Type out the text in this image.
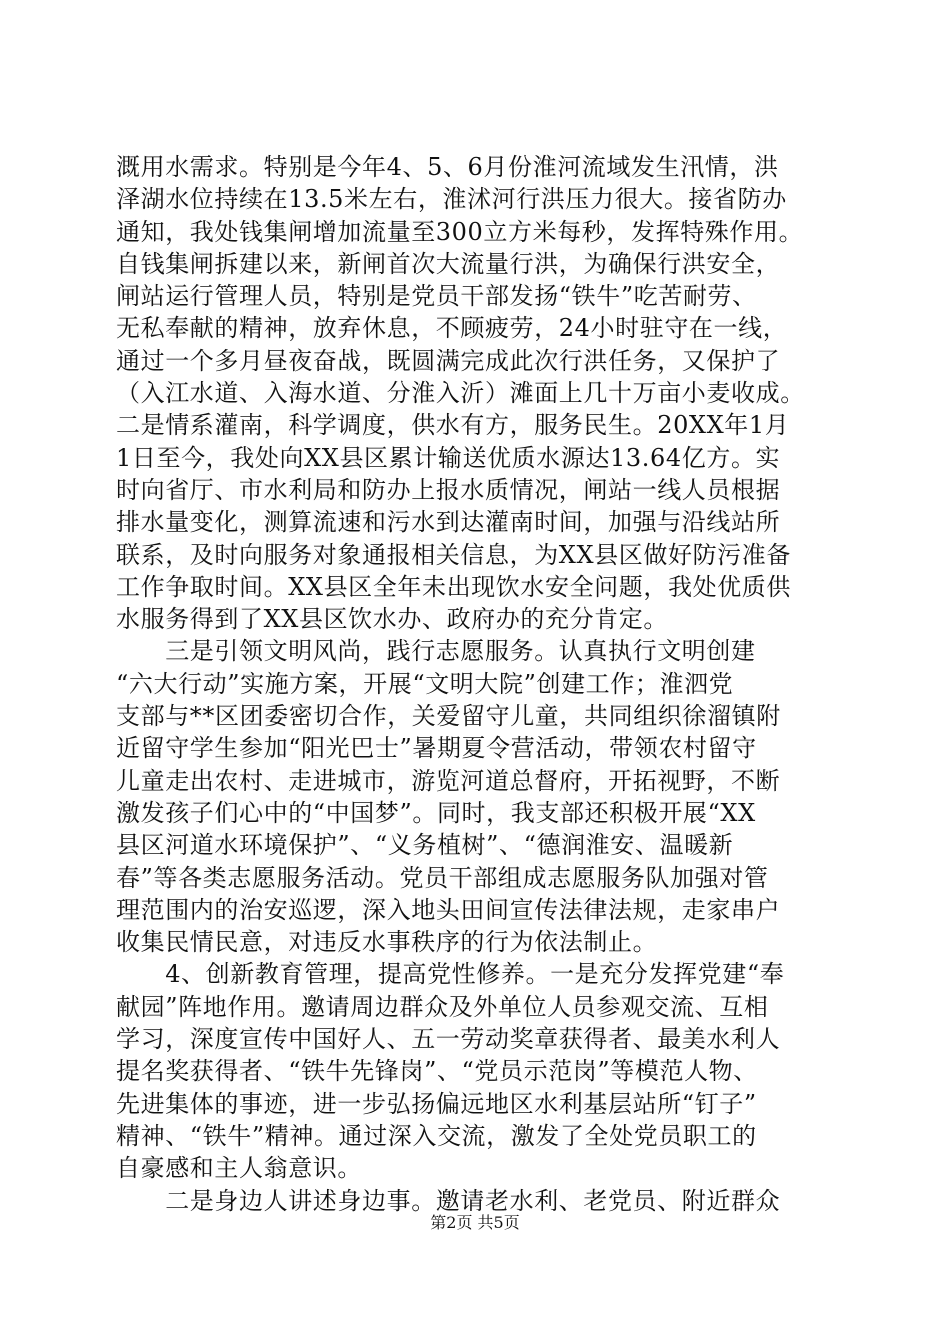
溉用水需求。特别是今年4、5、6月份淮河流域发生汛情，洪
泽湖水位持续在13.5米左右，淮沭河行洪压力很大。接省防办
通知，我处钱集闸增加流量至300立方米每秒，发挥特殊作用。
自钱集闸拆建以来，新闸首次大流量行洪，为确保行洪安全，
闸站运行管理人员，特别是党员干部发扬“铁牛”吃苦耐劳、
无私奉献的精神，放弃休息，不顾疲劳，24小时驻守在一线，
通过一个多月昼夜奋战，既圆满完成此次行洪任务，又保护了
（入江水道、入海水道、分淮入沂）滩面上几十万亩小麦收成。
二是情系灌南，科学调度，供水有方，服务民生。20XX年1月
1日至今，我处向XX县区累计输送优质水源达13.64亿方。实
时向省厅、市水利局和防办上报水质情况，闸站一线人员根据
排水量变化，测算流速和污水到达灌南时间，加强与沿线站所
联系，及时向服务对象通报相关信息，为XX县区做好防污准备
工作争取时间。XX县区全年未出现饮水安全问题，我处优质供
水服务得到了XX县区饮水办、政府办的充分肯定。
　　三是引领文明风尚，践行志愿服务。认真执行文明创建
“六大行动”实施方案，开展“文明大院”创建工作；淮泗党
支部与**区团委密切合作，关爱留守儿童，共同组织徐溜镇附
近留守学生参加“阳光巴士”暑期夏令营活动，带领农村留守
儿童走出农村、走进城市，游览河道总督府，开拓视野，不断
激发孩子们心中的“中国梦”。同时，我支部还积极开展“XX
县区河道水环境保护”、“义务植树”、“德润淮安、温暖新
春”等各类志愿服务活动。党员干部组成志愿服务队加强对管
理范围内的治安巡逻，深入地头田间宣传法律法规，走家串户
收集民情民意，对违反水事秩序的行为依法制止。
　　4、创新教育管理，提高党性修养。一是充分发挥党建“奉
献园”阵地作用。邀请周边群众及外单位人员参观交流、互相
学习，深度宣传中国好人、五一劳动奖章获得者、最美水利人
提名奖获得者、“铁牛先锋岗”、“党员示范岗”等模范人物、
先进集体的事迹，进一步弘扬偏远地区水利基层站所“钉子”
精神、“铁牛”精神。通过深入交流，激发了全处党员职工的
自豪感和主人翁意识。
　　二是身边人讲述身边事。邀请老水利、老党员、附近群众
第2页 共5页
